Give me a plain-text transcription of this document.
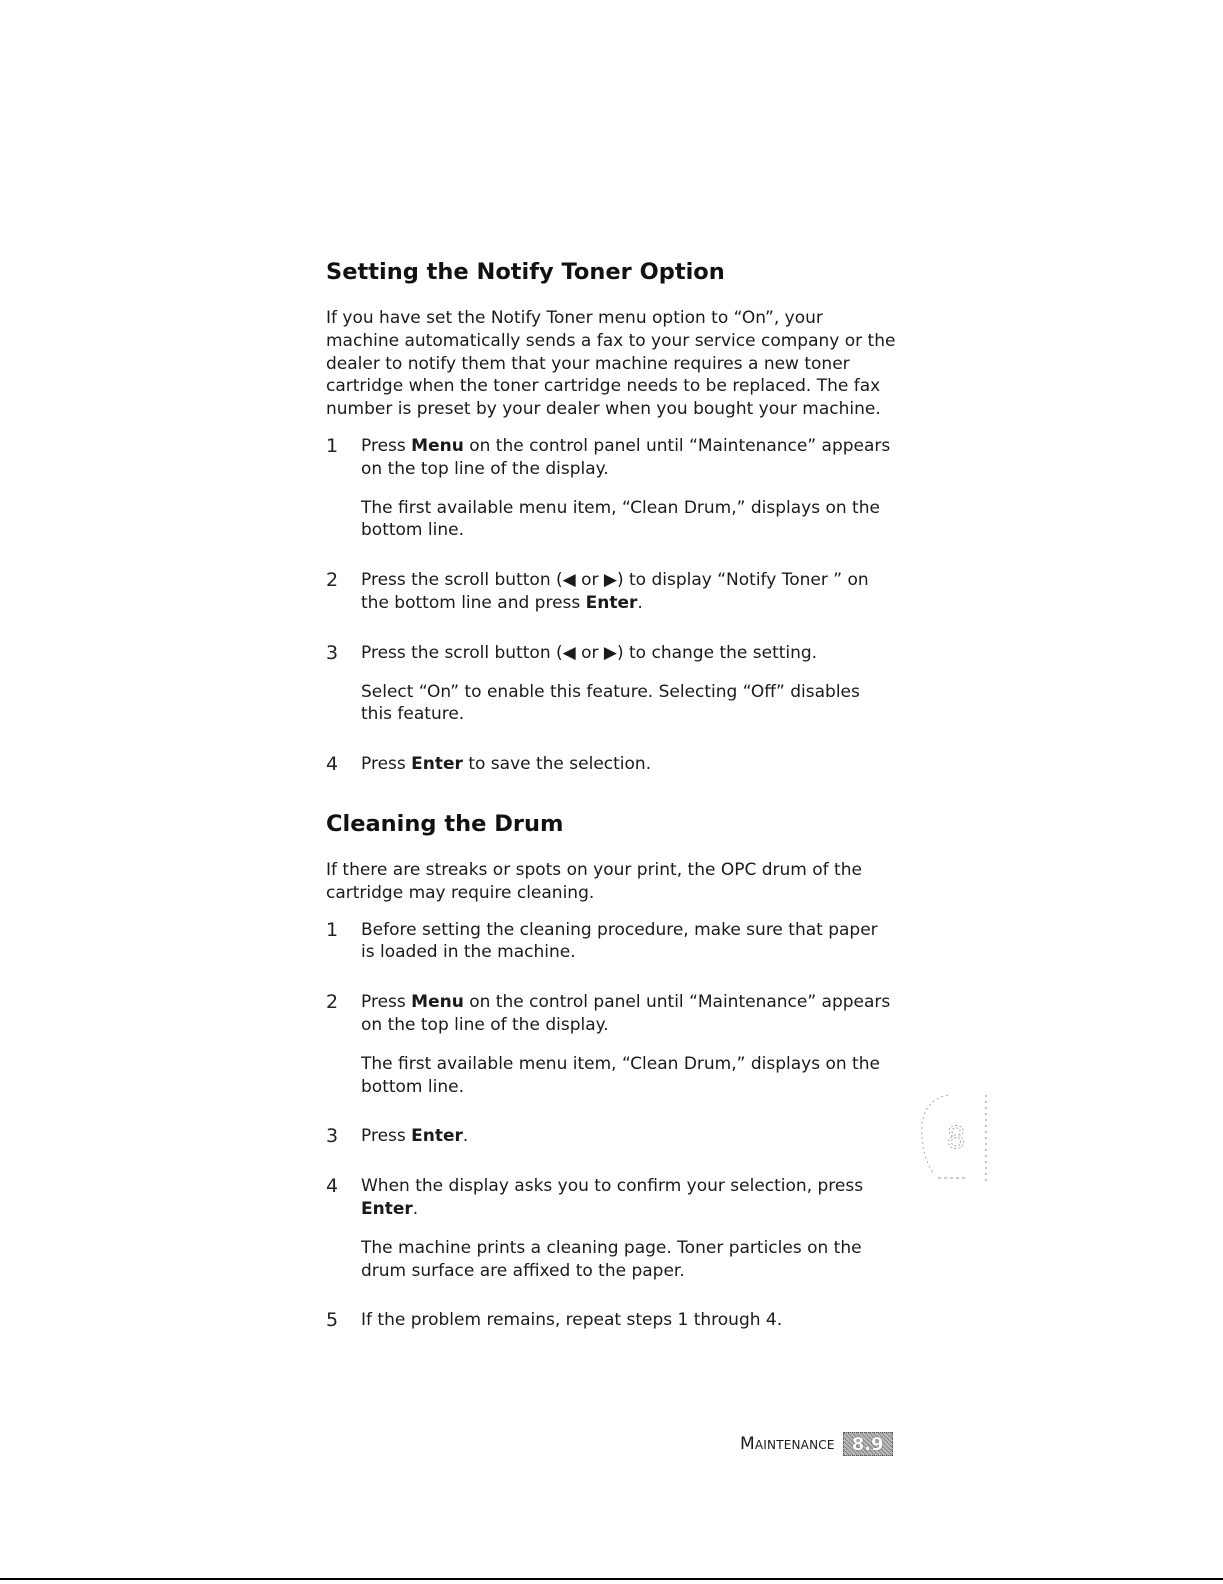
Setting the Notify Toner Option

If you have set the Notify Toner menu option to “On”, your machine automatically sends a fax to your service company or the dealer to notify them that your machine requires a new toner cartridge when the toner cartridge needs to be replaced. The fax number is preset by your dealer when you bought your machine.

1 Press Menu on the control panel until “Maintenance” appears on the top line of the display.

The first available menu item, “Clean Drum,” displays on the bottom line.

2 Press the scroll button (◀ or ▶) to display “Notify Toner ” on the bottom line and press Enter.
3 Press the scroll button (◀ or ▶) to change the setting.

Select “On” to enable this feature. Selecting “Off” disables this feature.

4 Press Enter to save the selection.
Cleaning the Drum

If there are streaks or spots on your print, the OPC drum of the cartridge may require cleaning.

1 Before setting the cleaning procedure, make sure that paper is loaded in the machine.
2 Press Menu on the control panel until “Maintenance” appears on the top line of the display.

The first available menu item, “Clean Drum,” displays on the bottom line.

3 Press Enter.
4 When the display asks you to confirm your selection, press Enter.

The machine prints a cleaning page. Toner particles on the drum surface are affixed to the paper.

5 If the problem remains, repeat steps 1 through 4.
8
Maintenance 8.9
